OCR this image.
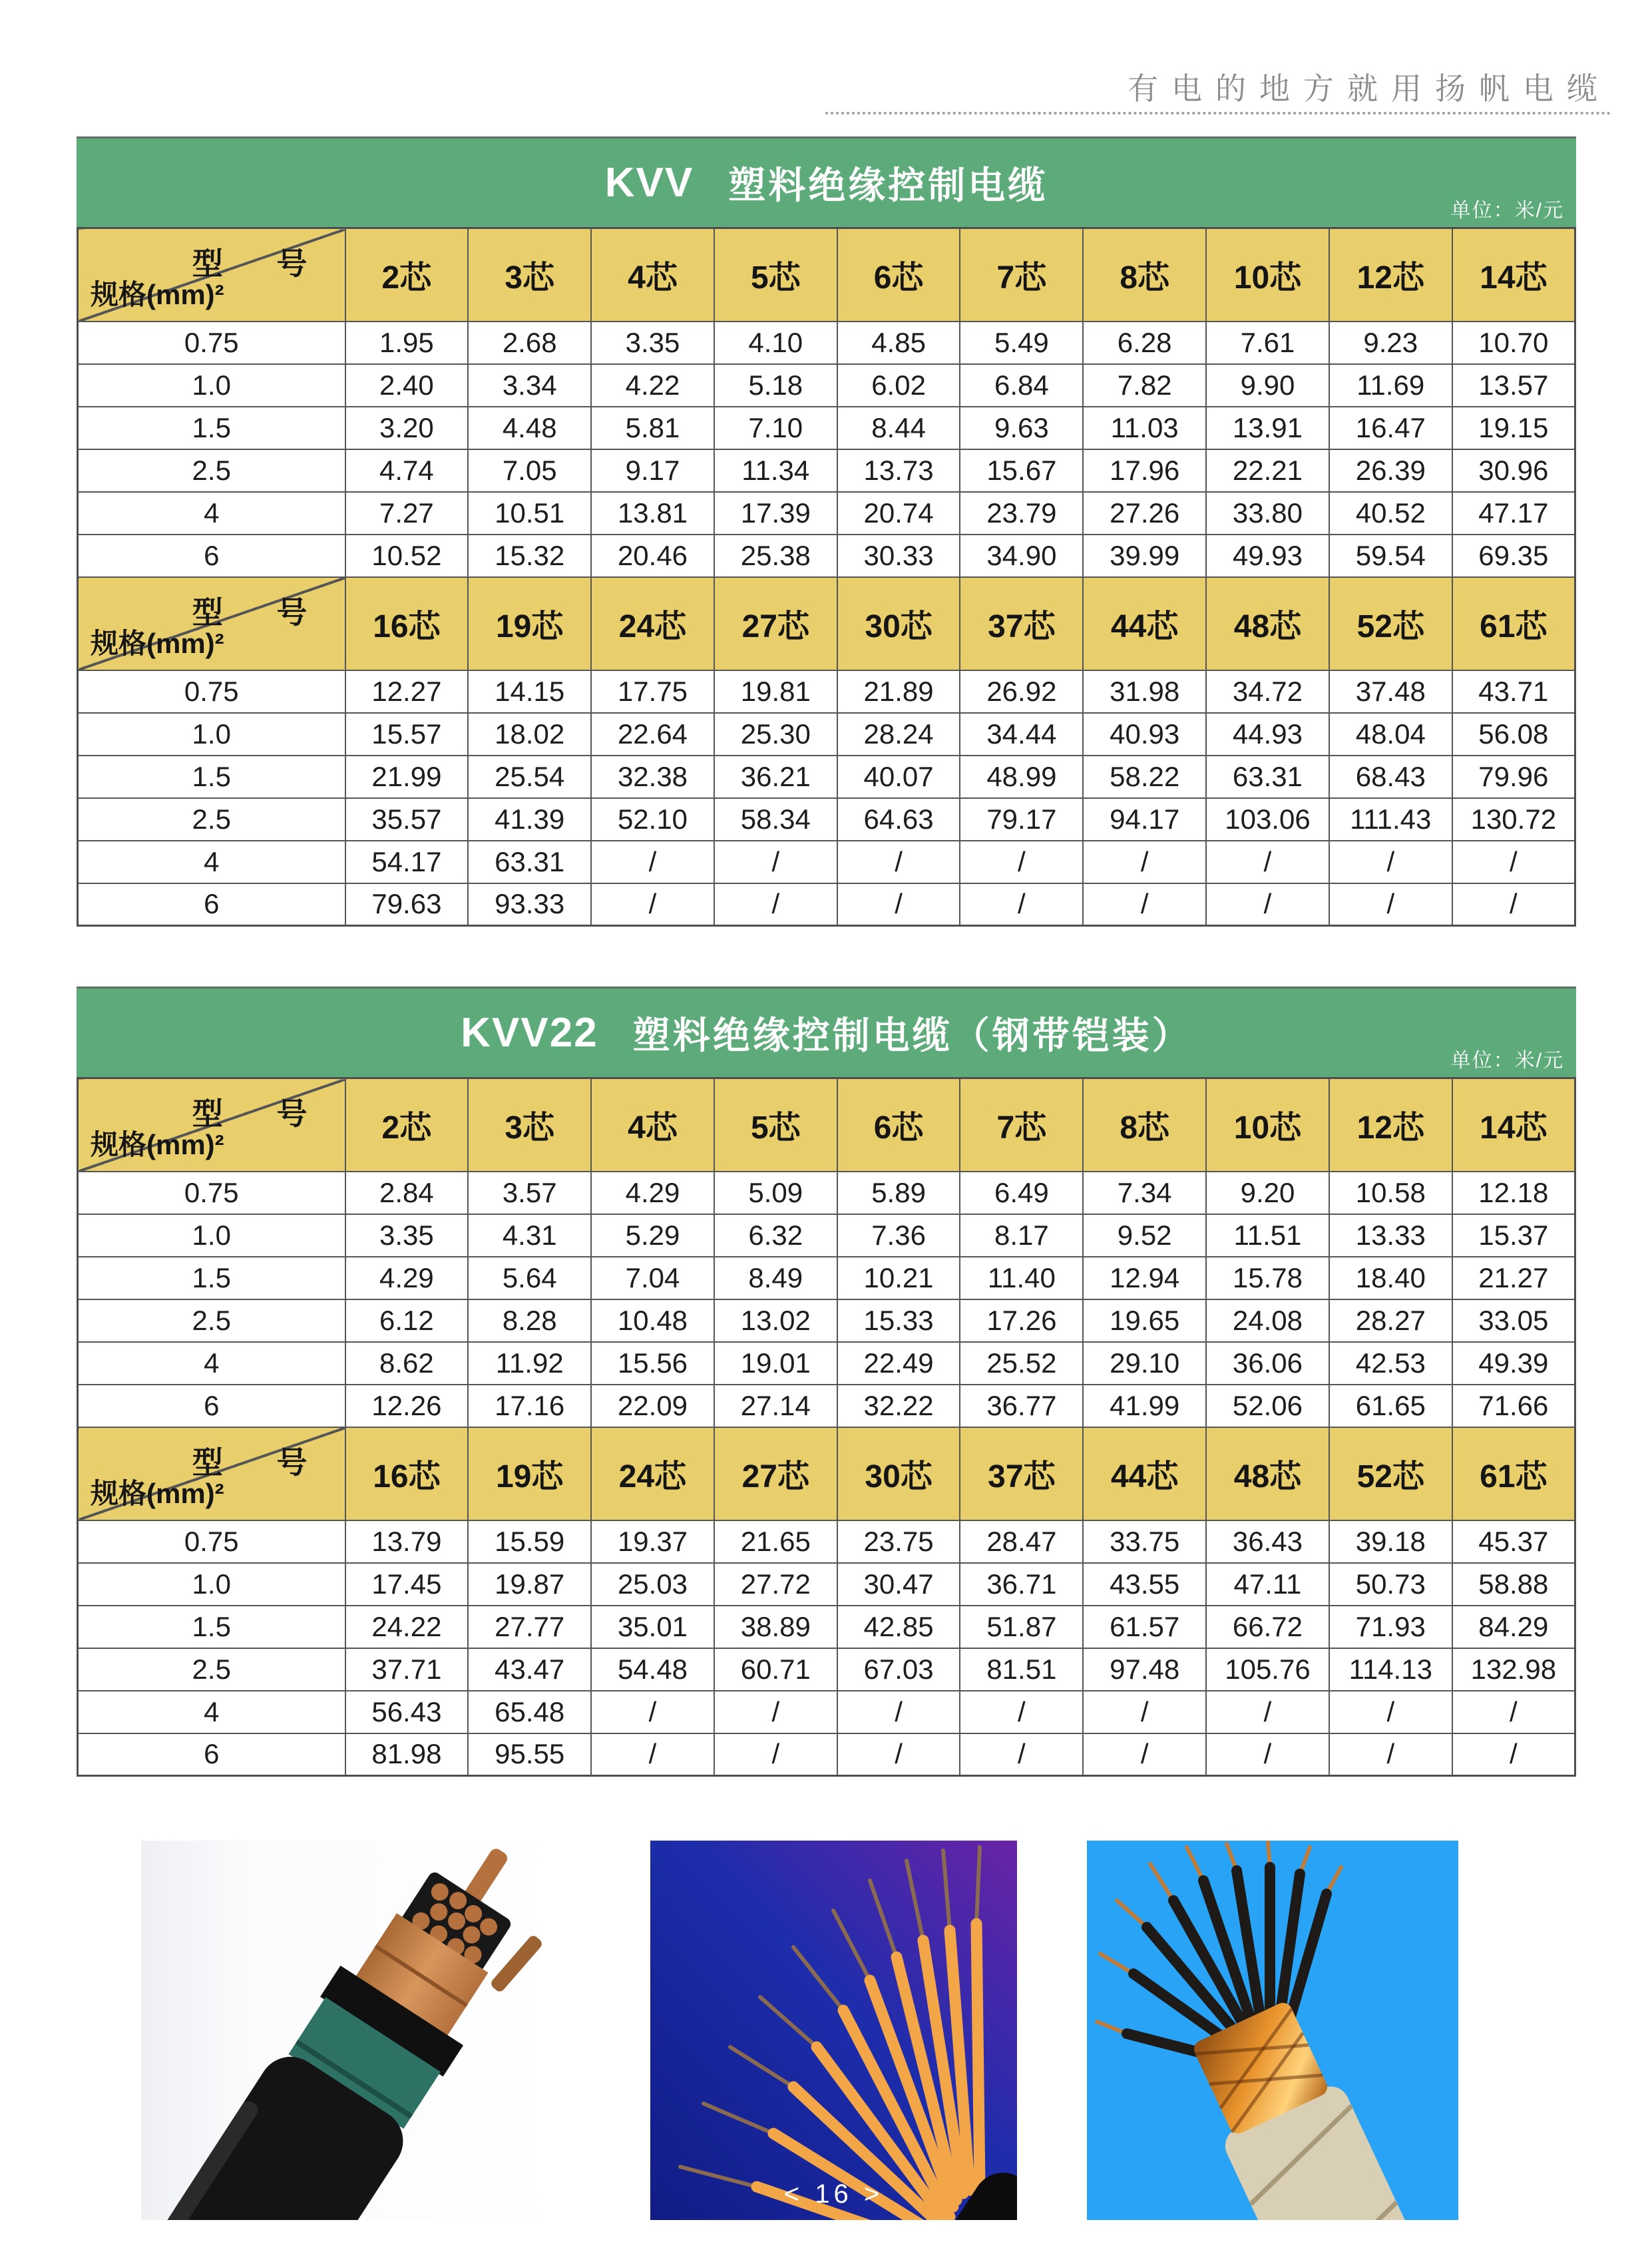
有电的地方就用扬帆电缆
KVV 塑料绝缘控制电缆
单位：米/元
型 号
规格(mm)²	2芯	3芯	4芯	5芯	6芯	7芯	8芯	10芯	12芯	14芯
0.75	1.95	2.68	3.35	4.10	4.85	5.49	6.28	7.61	9.23	10.70
1.0	2.40	3.34	4.22	5.18	6.02	6.84	7.82	9.90	11.69	13.57
1.5	3.20	4.48	5.81	7.10	8.44	9.63	11.03	13.91	16.47	19.15
2.5	4.74	7.05	9.17	11.34	13.73	15.67	17.96	22.21	26.39	30.96
4	7.27	10.51	13.81	17.39	20.74	23.79	27.26	33.80	40.52	47.17
6	10.52	15.32	20.46	25.38	30.33	34.90	39.99	49.93	59.54	69.35

型 号
规格(mm)²	16芯	19芯	24芯	27芯	30芯	37芯	44芯	48芯	52芯	61芯
0.75	12.27	14.15	17.75	19.81	21.89	26.92	31.98	34.72	37.48	43.71
1.0	15.57	18.02	22.64	25.30	28.24	34.44	40.93	44.93	48.04	56.08
1.5	21.99	25.54	32.38	36.21	40.07	48.99	58.22	63.31	68.43	79.96
2.5	35.57	41.39	52.10	58.34	64.63	79.17	94.17	103.06	111.43	130.72
4	54.17	63.31	/	/	/	/	/	/	/	/
6	79.63	93.33	/	/	/	/	/	/	/	/
KVV22 塑料绝缘控制电缆（钢带铠装）
单位：米/元
型 号
规格(mm)²	2芯	3芯	4芯	5芯	6芯	7芯	8芯	10芯	12芯	14芯
0.75	2.84	3.57	4.29	5.09	5.89	6.49	7.34	9.20	10.58	12.18
1.0	3.35	4.31	5.29	6.32	7.36	8.17	9.52	11.51	13.33	15.37
1.5	4.29	5.64	7.04	8.49	10.21	11.40	12.94	15.78	18.40	21.27
2.5	6.12	8.28	10.48	13.02	15.33	17.26	19.65	24.08	28.27	33.05
4	8.62	11.92	15.56	19.01	22.49	25.52	29.10	36.06	42.53	49.39
6	12.26	17.16	22.09	27.14	32.22	36.77	41.99	52.06	61.65	71.66

型 号
规格(mm)²	16芯	19芯	24芯	27芯	30芯	37芯	44芯	48芯	52芯	61芯
0.75	13.79	15.59	19.37	21.65	23.75	28.47	33.75	36.43	39.18	45.37
1.0	17.45	19.87	25.03	27.72	30.47	36.71	43.55	47.11	50.73	58.88
1.5	24.22	27.77	35.01	38.89	42.85	51.87	61.57	66.72	71.93	84.29
2.5	37.71	43.47	54.48	60.71	67.03	81.51	97.48	105.76	114.13	132.98
4	56.43	65.48	/	/	/	/	/	/	/	/
6	81.98	95.55	/	/	/	/	/	/	/	/
< 16 >
